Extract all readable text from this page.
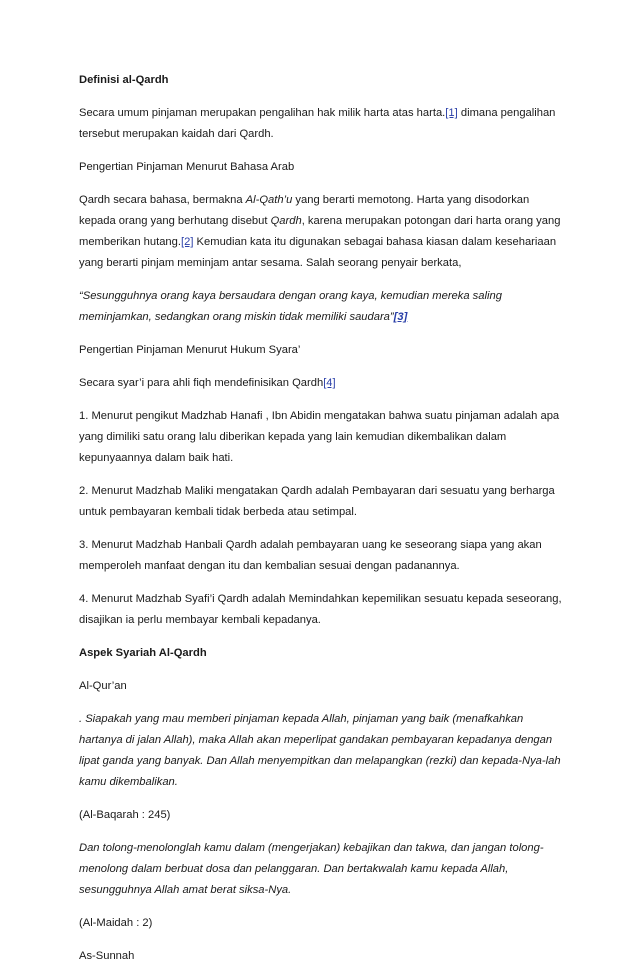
Definisi al-Qardh

Secara umum pinjaman merupakan pengalihan hak milik harta atas harta.[1] dimana pengalihan tersebut merupakan kaidah dari Qardh.

Pengertian Pinjaman Menurut Bahasa Arab

Qardh secara bahasa, bermakna Al-Qath’u yang berarti memotong. Harta yang disodorkan kepada orang yang berhutang disebut Qardh, karena merupakan potongan dari harta orang yang memberikan hutang.[2] Kemudian kata itu digunakan sebagai bahasa kiasan dalam kesehariaan yang berarti pinjam meminjam antar sesama. Salah seorang penyair berkata,

“Sesungguhnya orang kaya bersaudara dengan orang kaya, kemudian mereka saling meminjamkan, sedangkan orang miskin tidak memiliki saudara”[3]

Pengertian Pinjaman Menurut Hukum Syara’

Secara syar’i para ahli fiqh mendefinisikan Qardh[4]

1. Menurut pengikut Madzhab Hanafi , Ibn Abidin mengatakan bahwa suatu pinjaman adalah apa yang dimiliki satu orang lalu diberikan kepada yang lain kemudian dikembalikan dalam kepunyaannya dalam baik hati.

2. Menurut Madzhab Maliki mengatakan Qardh adalah Pembayaran dari sesuatu yang berharga untuk pembayaran kembali tidak berbeda atau setimpal.

3. Menurut Madzhab Hanbali Qardh adalah pembayaran uang ke seseorang siapa yang akan memperoleh manfaat dengan itu dan kembalian sesuai dengan padanannya.

4. Menurut Madzhab Syafi’i Qardh adalah Memindahkan kepemilikan sesuatu kepada seseorang, disajikan ia perlu membayar kembali kepadanya.

Aspek Syariah Al-Qardh

Al-Qur’an

. Siapakah yang mau memberi pinjaman kepada Allah, pinjaman yang baik (menafkahkan hartanya di jalan Allah), maka Allah akan meperlipat gandakan pembayaran kepadanya dengan lipat ganda yang banyak. Dan Allah menyempitkan dan melapangkan (rezki) dan kepada-Nya-lah kamu dikembalikan.

(Al-Baqarah : 245)

Dan tolong-menolonglah kamu dalam (mengerjakan) kebajikan dan takwa, dan jangan tolong-menolong dalam berbuat dosa dan pelanggaran. Dan bertakwalah kamu kepada Allah, sesungguhnya Allah amat berat siksa-Nya.

(Al-Maidah : 2)

As-Sunnah
